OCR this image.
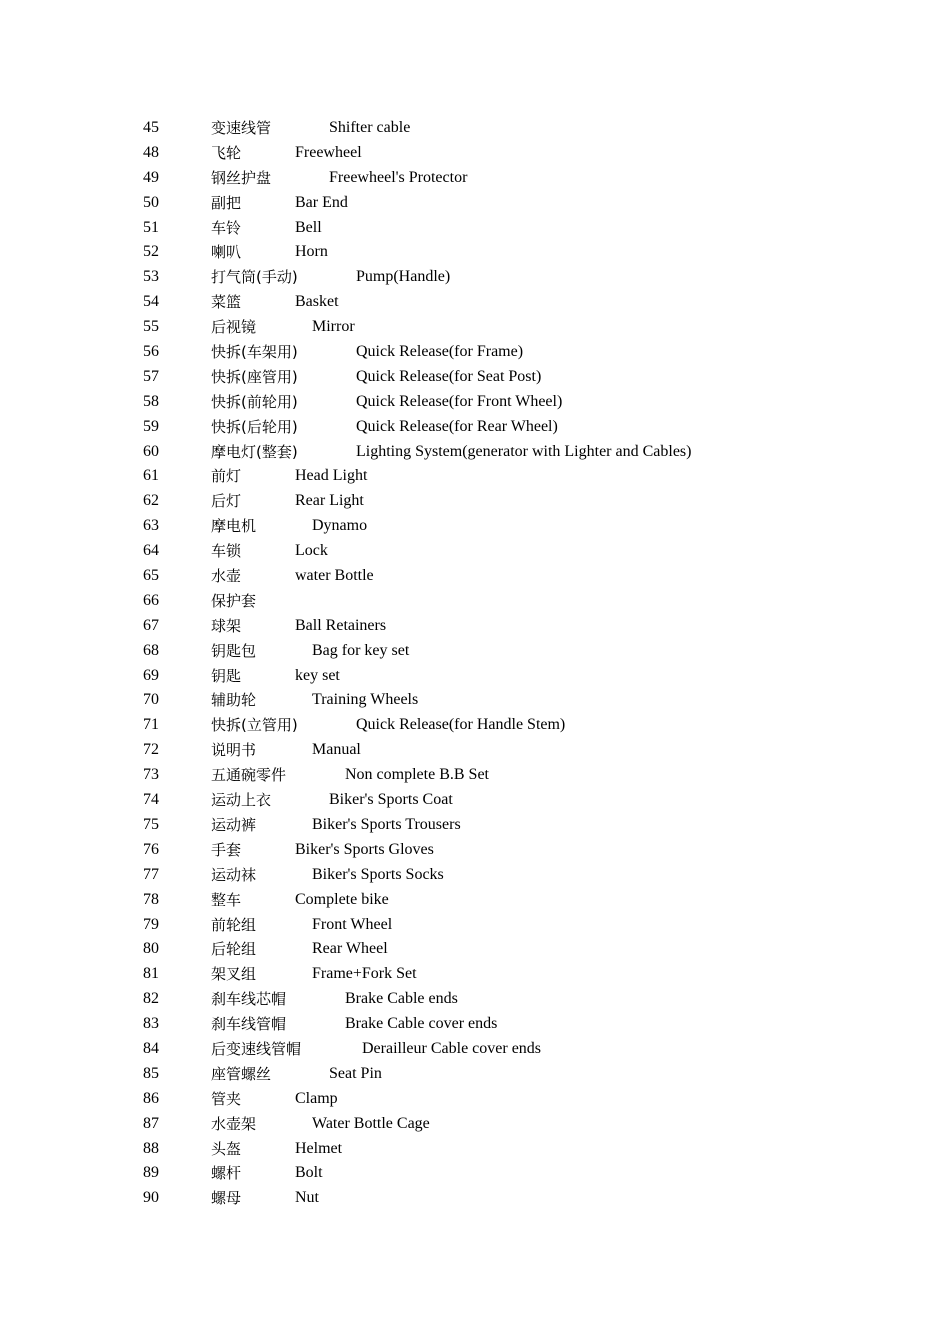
45	变速线管	Shifter cable
48	飞轮	Freewheel
49	钢丝护盘	Freewheel's Protector
50	副把	Bar End
51	车铃	Bell
52	喇叭	Horn
53	打气筒(手动)	Pump(Handle)
54	菜篮	Basket
55	后视镜	Mirror
56	快拆(车架用)	Quick Release(for Frame)
57	快拆(座管用)	Quick Release(for Seat Post)
58	快拆(前轮用)	Quick Release(for Front Wheel)
59	快拆(后轮用)	Quick Release(for Rear Wheel)
60	摩电灯(整套)	Lighting System(generator with Lighter and Cables)
61	前灯	Head Light
62	后灯	Rear Light
63	摩电机	Dynamo
64	车锁	Lock
65	水壶	water Bottle
66	保护套
67	球架	Ball Retainers
68	钥匙包	Bag for key set
69	钥匙	key set
70	辅助轮	Training Wheels
71	快拆(立管用)	Quick Release(for Handle Stem)
72	说明书	Manual
73	五通碗零件	Non complete B.B Set
74	运动上衣	Biker's Sports Coat
75	运动裤	Biker's Sports Trousers
76	手套	Biker's Sports Gloves
77	运动袜	Biker's Sports Socks
78	整车	Complete bike
79	前轮组	Front Wheel
80	后轮组	Rear Wheel
81	架叉组	Frame+Fork Set
82	刹车线芯帽	Brake Cable ends
83	刹车线管帽	Brake Cable cover ends
84	后变速线管帽	Derailleur Cable cover ends
85	座管螺丝	Seat Pin
86	管夹	Clamp
87	水壶架	Water Bottle Cage
88	头盔	Helmet
89	螺杆	Bolt
90	螺母	Nut
